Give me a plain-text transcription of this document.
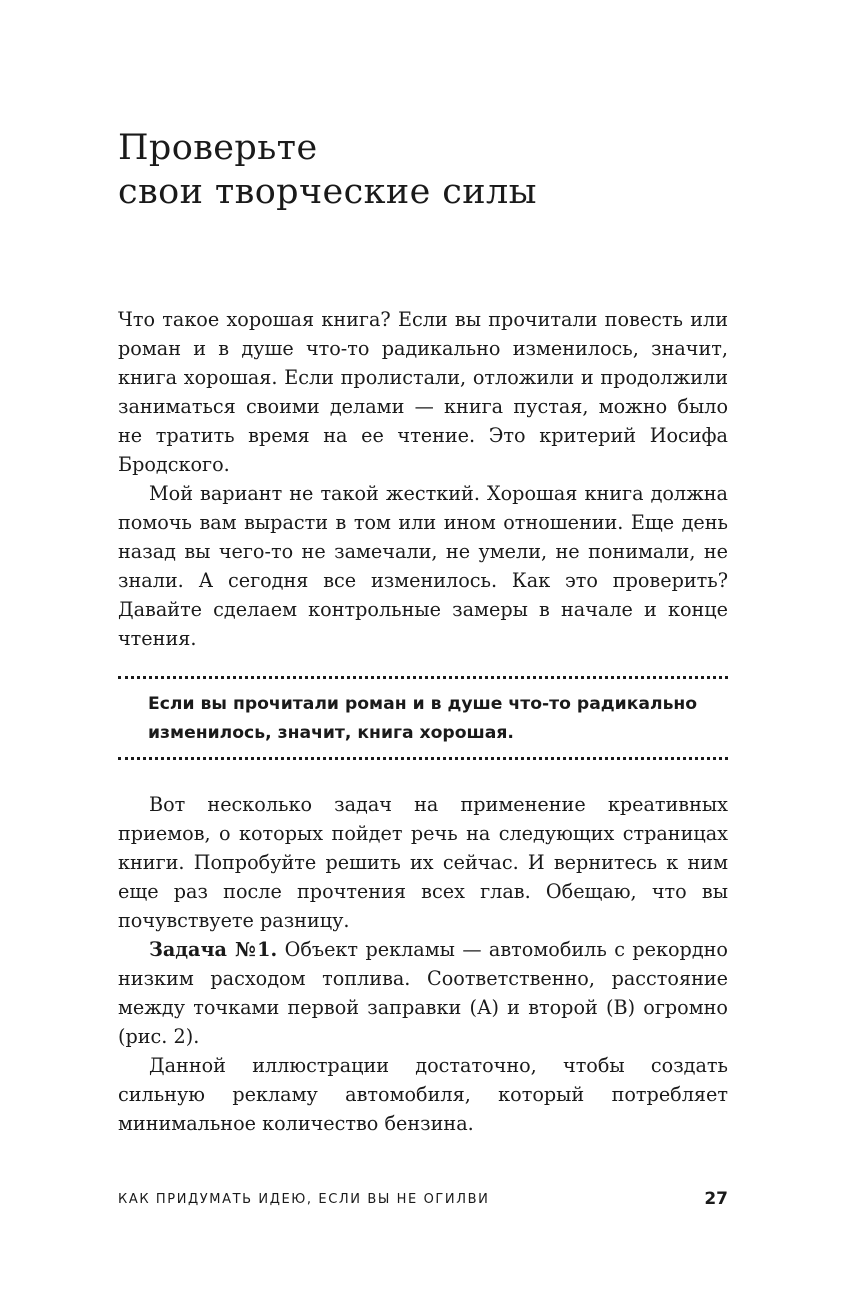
Проверьте
свои творческие силы

Что такое хорошая книга? Если вы прочитали повесть или роман и в душе что-то радикально изменилось, значит, книга хорошая. Если пролистали, отложили и продолжили заниматься своими делами — книга пустая, можно было не тратить время на ее чтение. Это критерий Иосифа Бродского.

Мой вариант не такой жесткий. Хорошая книга должна помочь вам вырасти в том или ином отношении. Еще день назад вы чего-то не замечали, не умели, не понимали, не знали. А сегодня все изменилось. Как это проверить? Давайте сделаем контрольные замеры в начале и конце чтения.

Если вы прочитали роман и в душе что-то радикально изменилось, значит, книга хорошая.

Вот несколько задач на применение креативных приемов, о которых пойдет речь на следующих страницах книги. Попробуйте решить их сейчас. И вернитесь к ним еще раз после прочтения всех глав. Обещаю, что вы почувствуете разницу.

Задача №1. Объект рекламы — автомобиль с рекордно низким расходом топлива. Соответственно, расстояние между точками первой заправки (А) и второй (В) огромно (рис. 2).

Данной иллюстрации достаточно, чтобы создать сильную рекламу автомобиля, который потребляет минимальное количество бензина.

КАК ПРИДУМАТЬ ИДЕЮ, ЕСЛИ ВЫ НЕ ОГИЛВИ	27
